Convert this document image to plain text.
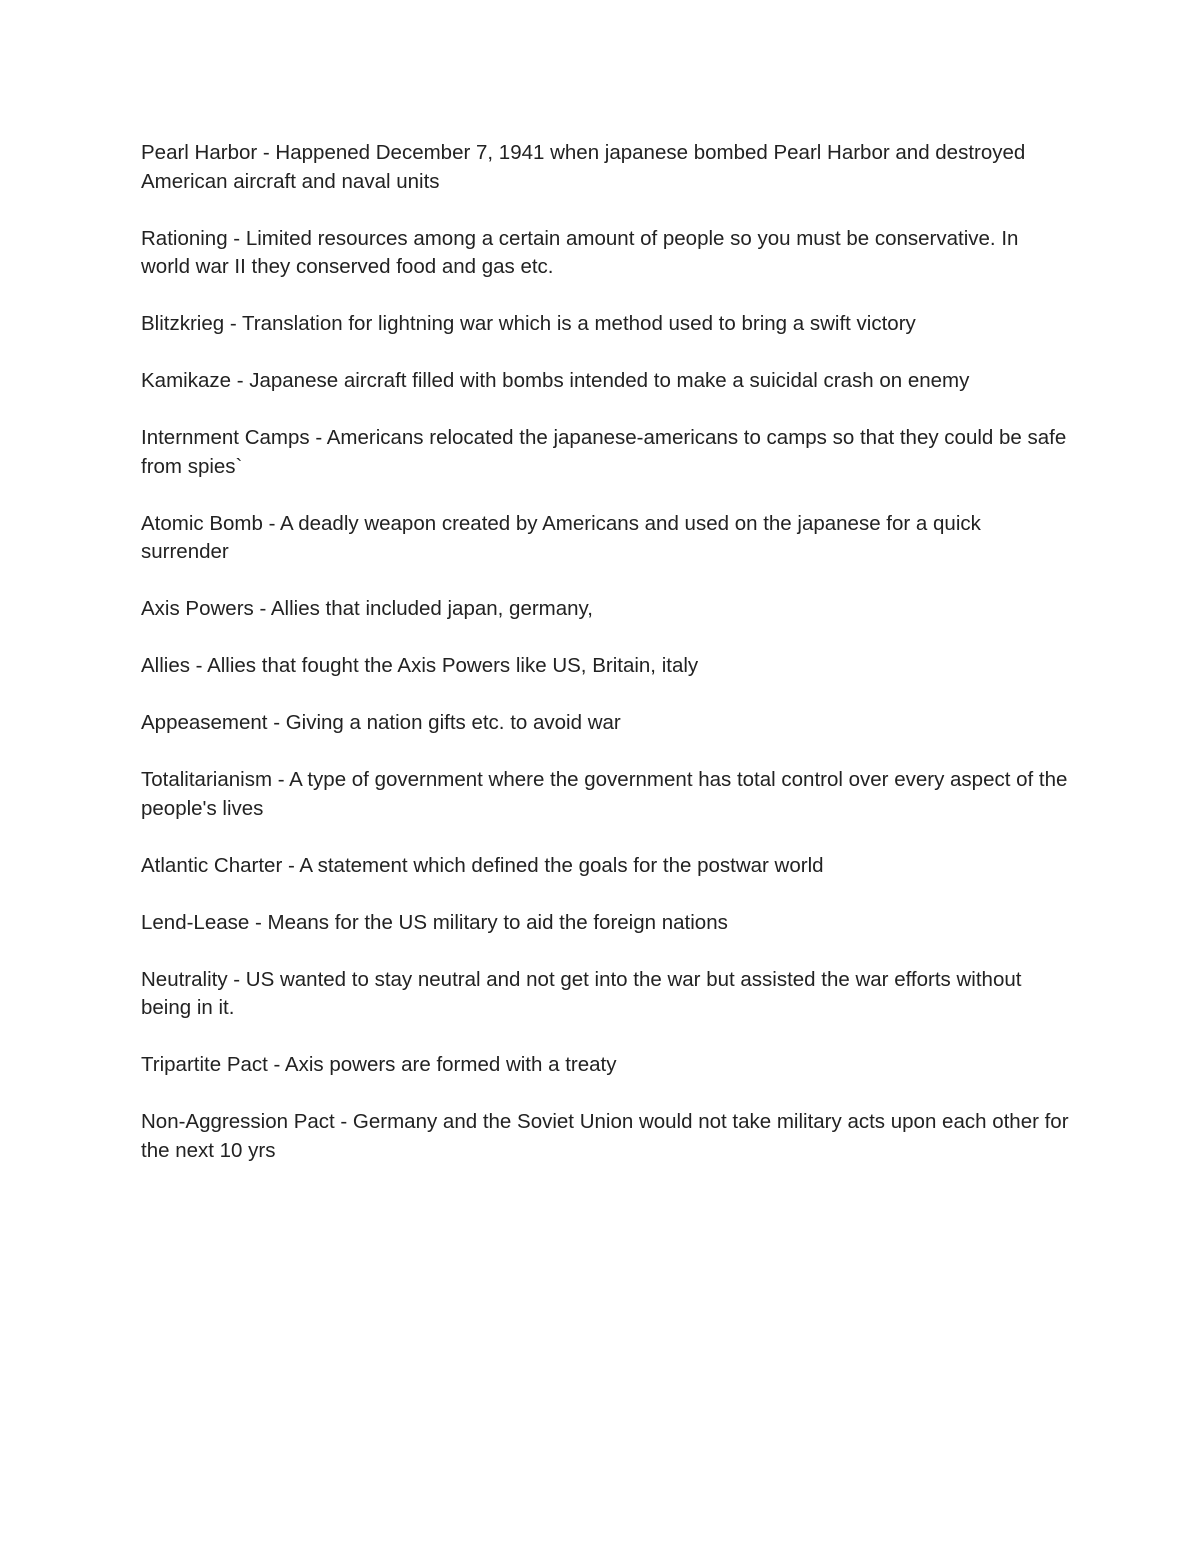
Pearl Harbor - Happened December 7, 1941 when japanese bombed Pearl Harbor and destroyed American aircraft and naval units

Rationing - Limited resources among a certain amount of people so you must be conservative. In world war II they conserved food and gas etc.

Blitzkrieg - Translation for lightning war which is a method used to bring a swift victory

Kamikaze - Japanese aircraft filled with bombs intended to make a suicidal crash on enemy

Internment Camps - Americans relocated the japanese-americans to camps so that they could be safe from spies`

Atomic Bomb - A deadly weapon created by Americans and used on the japanese for a quick surrender

Axis Powers - Allies that included japan, germany,

Allies - Allies that fought the Axis Powers like US, Britain, italy

Appeasement - Giving a nation gifts etc. to avoid war

Totalitarianism - A type of government where the government has total control over every aspect of the people's lives

Atlantic Charter - A statement which defined the goals for the postwar world

Lend-Lease - Means for the US military to aid the foreign nations

Neutrality - US wanted to stay neutral and not get into the war but assisted the war efforts without being in it.

Tripartite Pact - Axis powers are formed with a treaty

Non-Aggression Pact - Germany and the Soviet Union would not take military acts upon each other for the next 10 yrs
